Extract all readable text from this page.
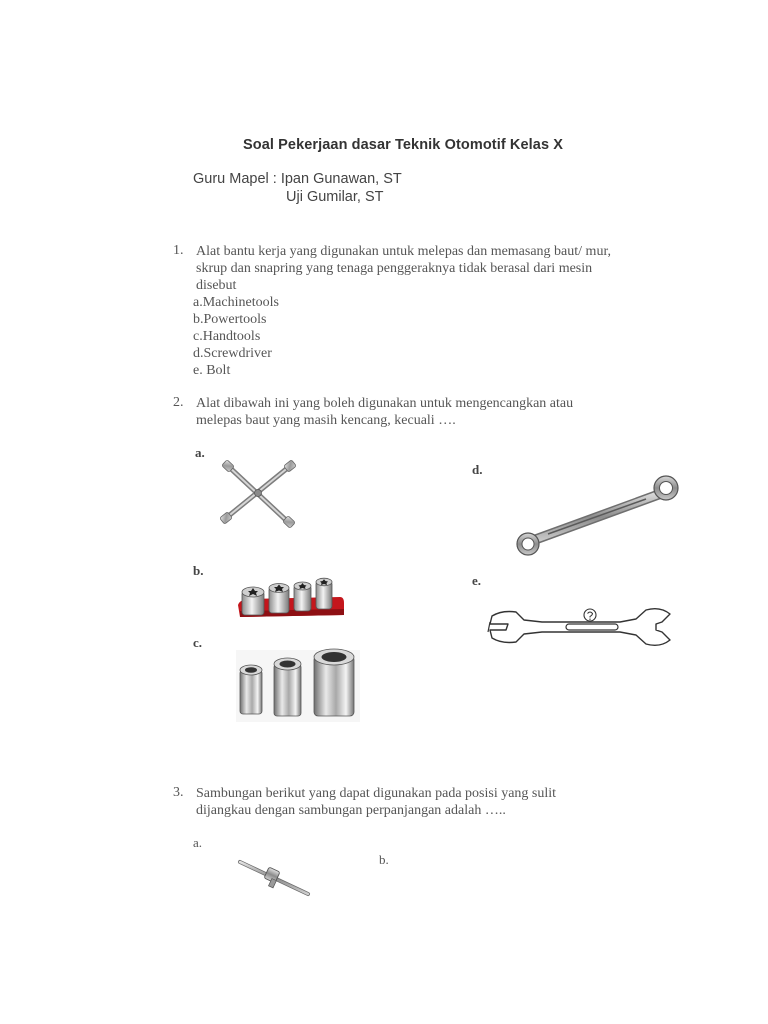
Soal Pekerjaan dasar Teknik Otomotif Kelas X
Guru Mapel : Ipan Gunawan, ST
Uji Gumilar, ST
1. Alat bantu kerja yang digunakan untuk melepas dan memasang baut/ mur,
skrup dan snapring yang tenaga penggeraknya tidak berasal dari mesin
disebut
a.Machinetools
b.Powertools
c.Handtools
d.Screwdriver
e. Bolt
2. Alat dibawah ini yang boleh digunakan untuk mengencangkan atau
melepas baut yang masih kencang, kecuali ….
a.
b.
c.
d.
e.
3. Sambungan berikut yang dapat digunakan pada posisi yang sulit
dijangkau dengan sambungan perpanjangan adalah …..
a.
b.
